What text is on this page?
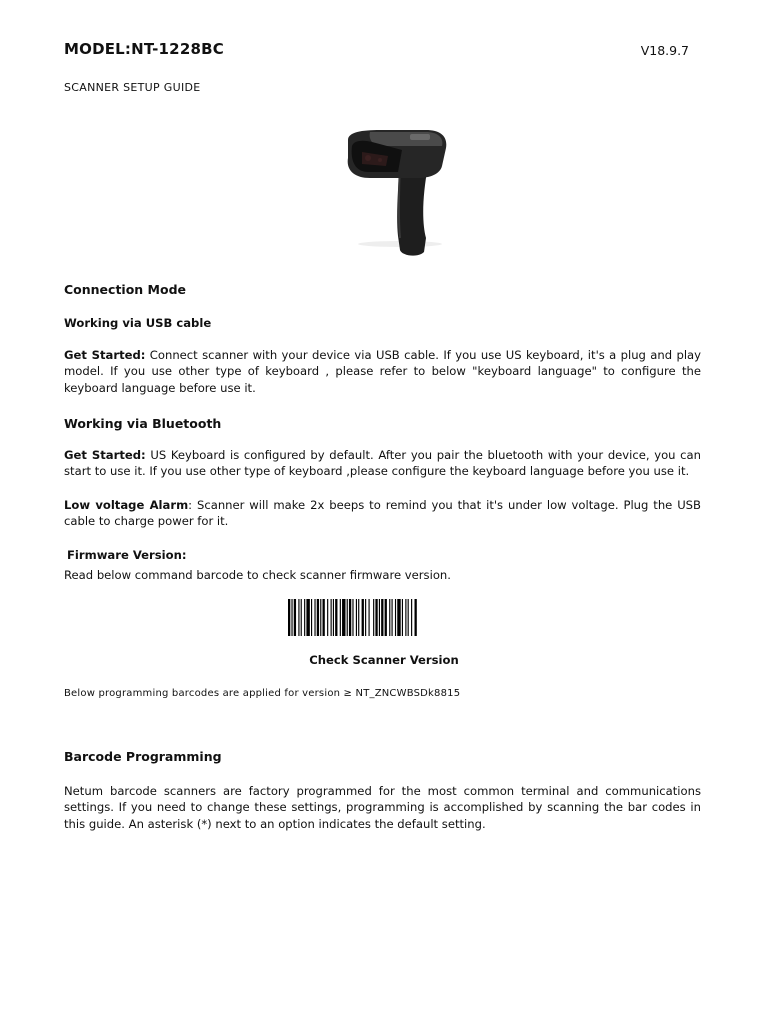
MODEL:NT-1228BC	V18.9.7
SCANNER SETUP GUIDE
Connection Mode
Working via USB cable
Get Started: Connect scanner with your device via USB cable. If you use US keyboard, it's a plug and play model. If you use other type of keyboard , please refer to below "keyboard language" to configure the keyboard language before use it.
Working via Bluetooth
Get Started: US Keyboard is configured by default. After you pair the bluetooth with your device, you can start to use it. If you use other type of keyboard ,please configure the keyboard language before you use it.
Low voltage Alarm: Scanner will make 2x beeps to remind you that it's under low voltage. Plug the USB cable to charge power for it.
Firmware Version:
Read below command barcode to check scanner firmware version.
Check Scanner Version
Below programming barcodes are applied for version ≥ NT_ZNCWBSDk8815
Barcode Programming
Netum barcode scanners are factory programmed for the most common terminal and communications settings. If you need to change these settings, programming is accomplished by scanning the bar codes in this guide. An asterisk (*) next to an option indicates the default setting.
